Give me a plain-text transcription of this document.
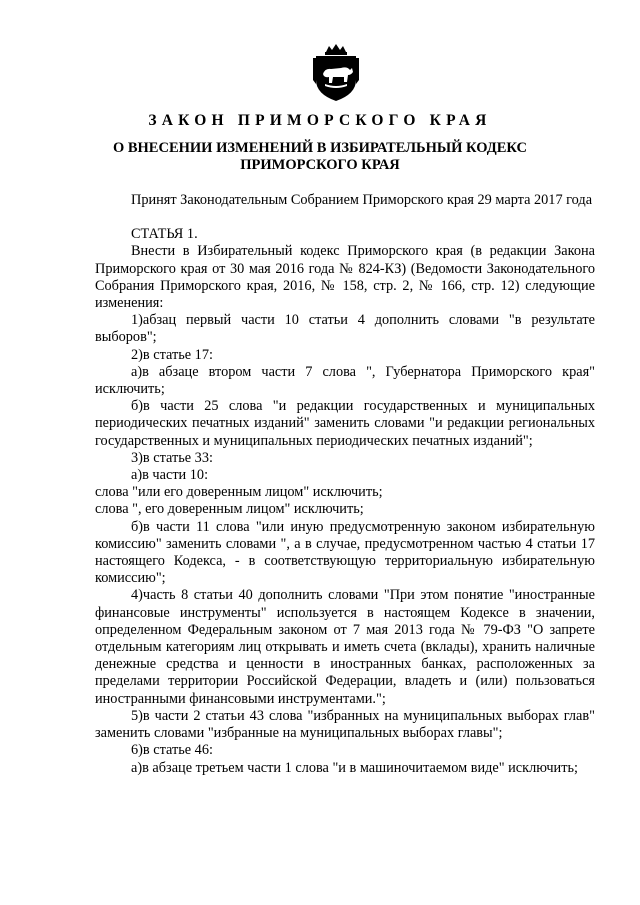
ЗАКОН ПРИМОРСКОГО КРАЯ
О ВНЕСЕНИИ ИЗМЕНЕНИЙ В ИЗБИРАТЕЛЬНЫЙ КОДЕКС
ПРИМОРСКОГО КРАЯ

Принят Законодательным Собранием Приморского края 29 марта 2017 года

СТАТЬЯ 1.

Внести в Избирательный кодекс Приморского края (в редакции Закона Приморского края от 30 мая 2016 года № 824-КЗ) (Ведомости Законодательного Собрания Приморского края, 2016, № 158, стр. 2, № 166, стр. 12) следующие изменения:

1)абзац первый части 10 статьи 4 дополнить словами "в результате выборов";

2)в статье 17:

а)в абзаце втором части 7 слова ", Губернатора Приморского края" исключить;

б)в части 25 слова "и редакции государственных и муниципальных периодических печатных изданий" заменить словами "и редакции региональных государственных и муниципальных периодических печатных изданий";

3)в статье 33:

а)в части 10:

слова "или его доверенным лицом" исключить;

слова ", его доверенным лицом" исключить;

б)в части 11 слова "или иную предусмотренную законом избирательную комиссию" заменить словами ", а в случае, предусмотренном частью 4 статьи 17 настоящего Кодекса, - в соответствующую территориальную избирательную комиссию";

4)часть 8 статьи 40 дополнить словами "При этом понятие "иностранные финансовые инструменты" используется в настоящем Кодексе в значении, определенном Федеральным законом от 7 мая 2013 года № 79-ФЗ "О запрете отдельным категориям лиц открывать и иметь счета (вклады), хранить наличные денежные средства и ценности в иностранных банках, расположенных за пределами территории Российской Федерации, владеть и (или) пользоваться иностранными финансовыми инструментами.";

5)в части 2 статьи 43 слова "избранных на муниципальных выборах глав" заменить словами "избранные на муниципальных выборах главы";

6)в статье 46:

а)в абзаце третьем части 1 слова "и в машиночитаемом виде" исключить;
